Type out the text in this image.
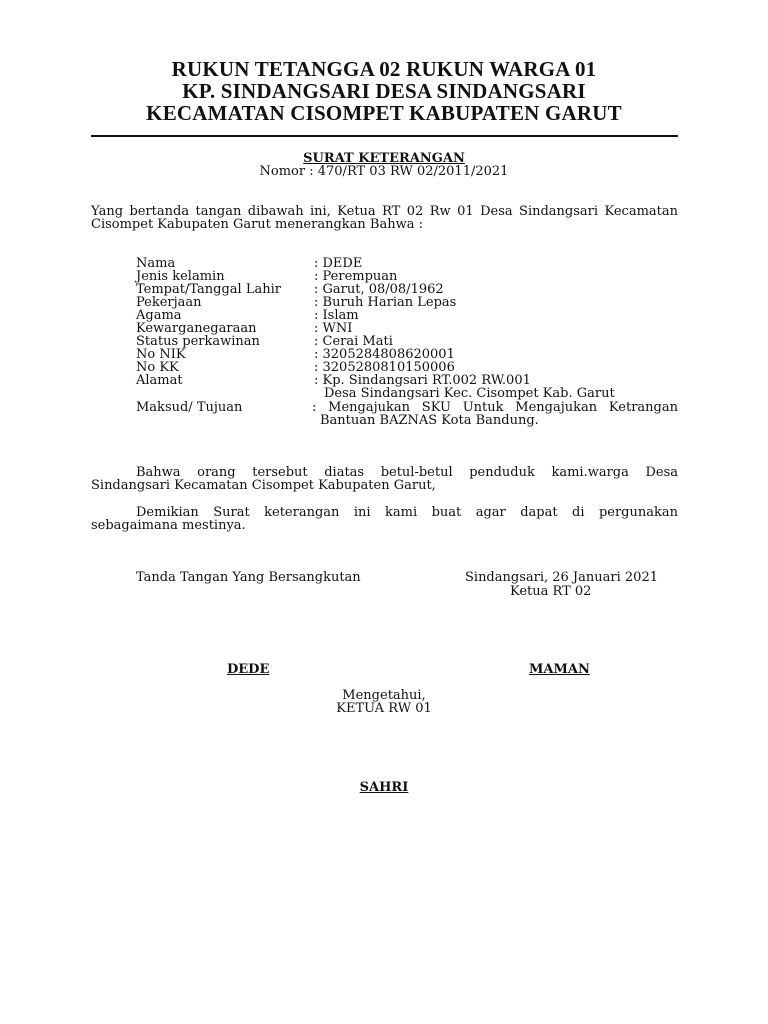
RUKUN TETANGGA 02 RUKUN WARGA 01
KP. SINDANGSARI DESA SINDANGSARI
KECAMATAN CISOMPET KABUPATEN GARUT
SURAT KETERANGAN
Nomor : 470/RT 03 RW 02/2011/2021
Yang bertanda tangan dibawah ini, Ketua RT 02 Rw 01 Desa Sindangsari Kecamatan
Cisompet Kabupaten Garut menerangkan Bahwa :
Nama	: DEDE
Jenis kelamin	: Perempuan
Tempat/Tanggal Lahir	: Garut, 08/08/1962
Pekerjaan	: Buruh Harian Lepas
Agama	: Islam
Kewarganegaraan	: WNI
Status perkawinan	: Cerai Mati
No NIK	: 3205284808620001
No KK	: 3205280810150006
Alamat	: Kp. Sindangsari RT.002 RW.001
Desa Sindangsari Kec. Cisompet Kab. Garut
Maksud/ Tujuan	: Mengajukan SKU Untuk Mengajukan Ketrangan
Bantuan BAZNAS Kota Bandung.
Bahwa orang tersebut diatas betul-betul penduduk kami.warga Desa
Sindangsari Kecamatan Cisompet Kabupaten Garut,
Demikian Surat keterangan ini kami buat agar dapat di pergunakan
sebagaimana mestinya.
Tanda Tangan Yang Bersangkutan	Sindangsari, 26 Januari 2021
Ketua RT 02
DEDE	MAMAN
Mengetahui,
KETUA RW 01
SAHRI
